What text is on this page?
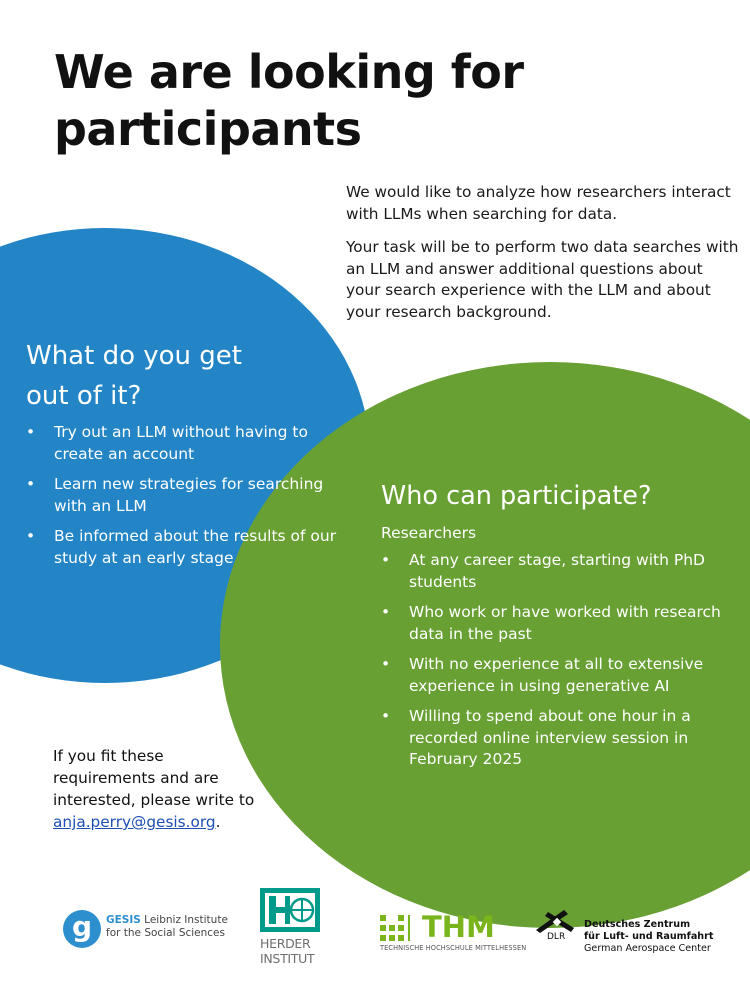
We are looking for participants

We would like to analyze how researchers interact with LLMs when searching for data.

Your task will be to perform two data searches with an LLM and answer additional questions about your search experience with the LLM and about your research background.

What do you get out of it?
• Try out an LLM without having to create an account
• Learn new strategies for searching with an LLM
• Be informed about the results of our study at an early stage
Who can participate?

Researchers

• At any career stage, starting with PhD students
• Who work or have worked with research data in the past
• With no experience at all to extensive experience in using generative AI
• Willing to spend about one hour in a recorded online interview session in February 2025

If you fit these requirements and are interested, please write to anja.perry@gesis.org.

g	GESIS Leibniz Institute
for the Social Sciences
HERDER
INSTITUT
THM
TECHNISCHE HOCHSCHULE MITTELHESSEN
DLR
Deutsches Zentrum
für Luft- und Raumfahrt
German Aerospace Center
